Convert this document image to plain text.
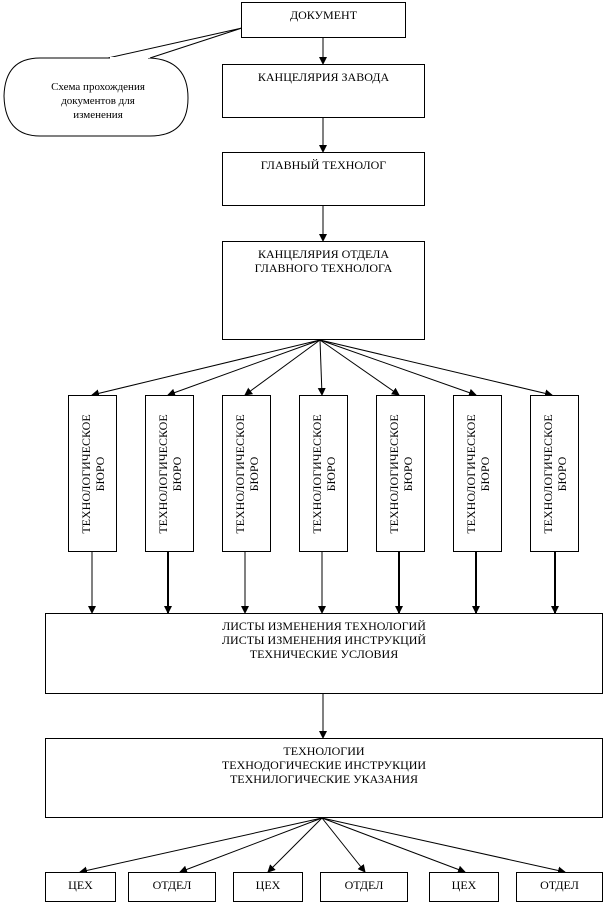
Схема прохождения
документов для
изменения
ДОКУМЕНТ
КАНЦЕЛЯРИЯ ЗАВОДА
ГЛАВНЫЙ ТЕХНОЛОГ
КАНЦЕЛЯРИЯ ОТДЕЛА
ГЛАВНОГО ТЕХНОЛОГА
ТЕХНОЛОГИЧЕСКОЕ БЮРО	ТЕХНОЛОГИЧЕСКОЕ БЮРО	ТЕХНОЛОГИЧЕСКОЕ БЮРО	ТЕХНОЛОГИЧЕСКОЕ БЮРО	ТЕХНОЛОГИЧЕСКОЕ БЮРО	ТЕХНОЛОГИЧЕСКОЕ БЮРО	ТЕХНОЛОГИЧЕСКОЕ БЮРО
ЛИСТЫ ИЗМЕНЕНИЯ ТЕХНОЛОГИЙ
ЛИСТЫ ИЗМЕНЕНИЯ ИНСТРУКЦИЙ
ТЕХНИЧЕСКИЕ УСЛОВИЯ
ТЕХНОЛОГИИ
ТЕХНОДОГИЧЕСКИЕ ИНСТРУКЦИИ
ТЕХНИЛОГИЧЕСКИЕ УКАЗАНИЯ
ЦЕХ	ОТДЕЛ	ЦЕХ	ОТДЕЛ	ЦЕХ	ОТДЕЛ
